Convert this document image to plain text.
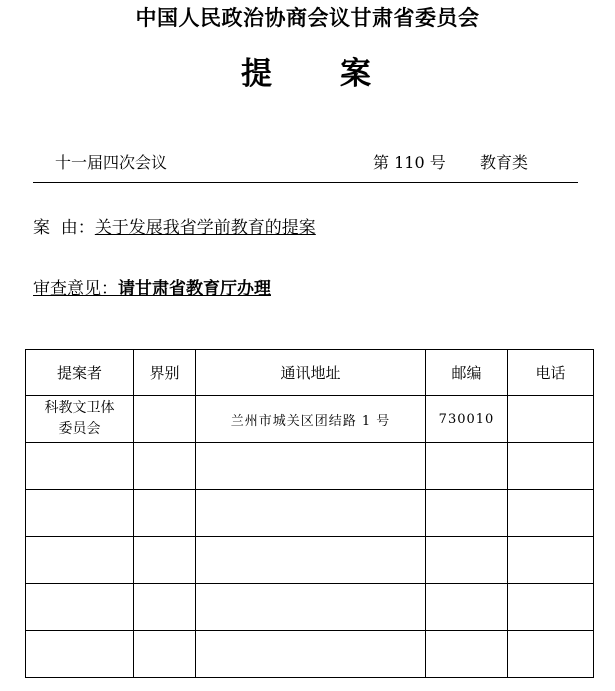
中国人民政治协商会议甘肃省委员会
提 案
十一届四次会议	第 110 号 教育类
案  由：关于发展我省学前教育的提案
审查意见：请甘肃省教育厅办理
提案者	界别	通讯地址	邮编	电话
科教文卫体
委员会		兰州市城关区团结路 1 号	730010	
